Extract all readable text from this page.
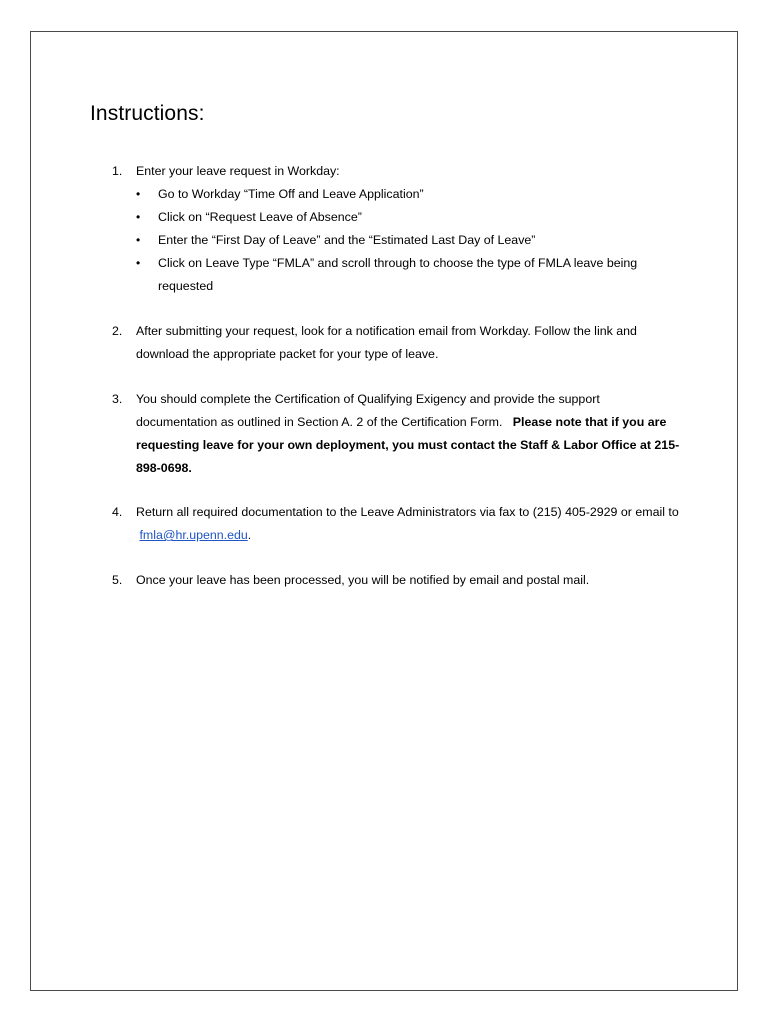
Instructions:
1.	Enter your leave request in Workday:
• Go to Workday “Time Off and Leave Application”
• Click on “Request Leave of Absence”
• Enter the “First Day of Leave” and the “Estimated Last Day of Leave”
• Click on Leave Type “FMLA” and scroll through to choose the type of FMLA leave being requested
2.	After submitting your request, look for a notification email from Workday. Follow the link and download the appropriate packet for your type of leave.
3.	You should complete the Certification of Qualifying Exigency and provide the support documentation as outlined in Section A. 2 of the Certification Form. Please note that if you are requesting leave for your own deployment, you must contact the Staff & Labor Office at 215-898-0698.
4.	Return all required documentation to the Leave Administrators via fax to (215) 405-2929 or email to  fmla@hr.upenn.edu.
5.	Once your leave has been processed, you will be notified by email and postal mail.
